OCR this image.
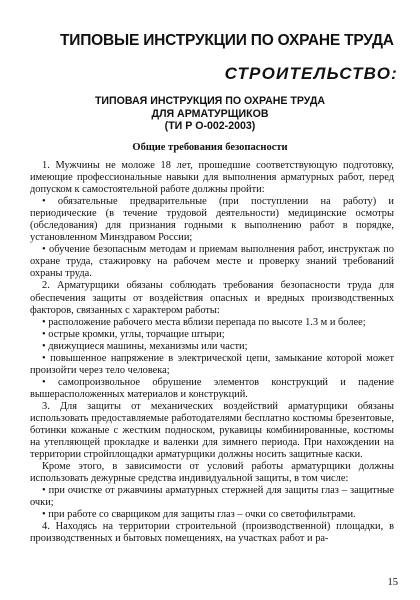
ТИПОВЫЕ ИНСТРУКЦИИ ПО ОХРАНЕ ТРУДА
СТРОИТЕЛЬСТВО:
ТИПОВАЯ ИНСТРУКЦИЯ ПО ОХРАНЕ ТРУДА
ДЛЯ АРМАТУРЩИКОВ
(ТИ Р О-002-2003)
Общие требования безопасности

1. Мужчины не моложе 18 лет, прошедшие соответствующую подготовку, имеющие профессиональные навыки для выполнения арматурных работ, перед допуском к самостоятельной работе должны пройти:

• обязательные предварительные (при поступлении на работу) и периодические (в течение трудовой деятельности) медицинские осмотры (обследования) для признания годными к выполнению работ в порядке, установленном Минздравом России;

• обучение безопасным методам и приемам выполнения работ, инструктаж по охране труда, стажировку на рабочем месте и проверку знаний требований охраны труда.

2. Арматурщики обязаны соблюдать требования безопасности труда для обеспечения защиты от воздействия опасных и вредных производственных факторов, связанных с характером работы:

• расположение рабочего места вблизи перепада по высоте 1.3 м и более;

• острые кромки, углы, торчащие штыри;

• движущиеся машины, механизмы или части;

• повышенное напряжение в электрической цепи, замыкание которой может произойти через тело человека;

• самопроизвольное обрушение элементов конструкций и падение вышерасположенных материалов и конструкций.

3. Для защиты от механических воздействий арматурщики обязаны использовать предоставляемые работодателями бесплатно костюмы брезентовые, ботинки кожаные с жестким подноском, рукавицы комбинированные, костюмы на утепляющей прокладке и валенки для зимнего периода. При нахождении на территории стройплощадки арматурщики должны носить защитные каски.

Кроме этого, в зависимости от условий работы арматурщики должны использовать дежурные средства индивидуальной защиты, в том числе:

• при очистке от ржавчины арматурных стержней для защиты глаз – защитные очки;

• при работе со сварщиком для защиты глаз – очки со светофильтрами.

4. Находясь на территории строительной (производственной) площадки, в производственных и бытовых помещениях, на участках работ и ра-

15
